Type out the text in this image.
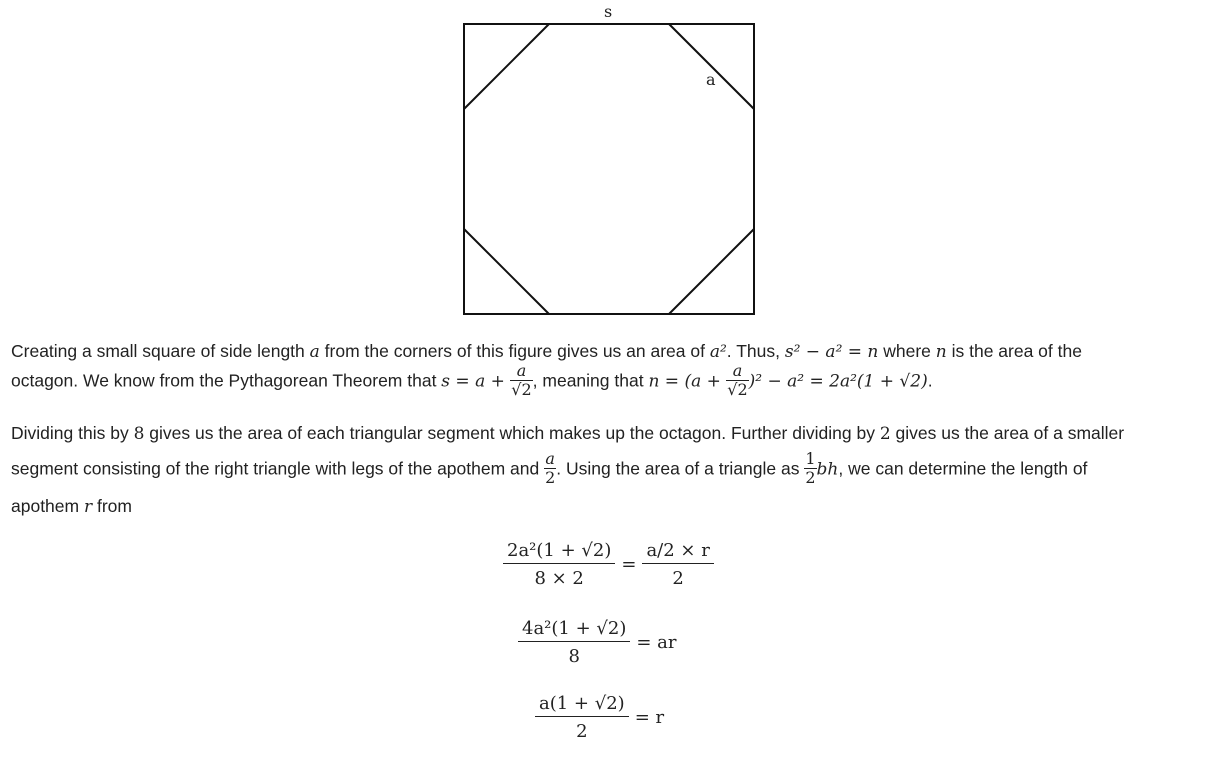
s
a
Creating a small square of side length a from the corners of this figure gives us an area of a². Thus, s² − a² = n where n is the area of the
octagon. We know from the Pythagorean Theorem that $s = a + \frac{a}{√2}$ , meaning that $n = (a + \frac{a}{√2} )^2 - a^2 = 2a^2(1 + √2)$.
Dividing this by 8 gives us the area of each triangular segment which makes up the octagon. Further dividing by 2 gives us the area of a smaller
segment consisting of the right triangle with legs of the apothem and $\frac{a}{2}$ . Using the area of a triangle as $\frac{1}{2}$ bh, we can determine the length of
apothem r from
$\frac{\text{2a²(1 + √2)}}{8 \times 2} = \frac{a/2 \times r}{2}$
$\frac{\text{4a²(1 + √2)}}{8}$ = ar
$\frac{a(1 + √2)}{2} = r$
